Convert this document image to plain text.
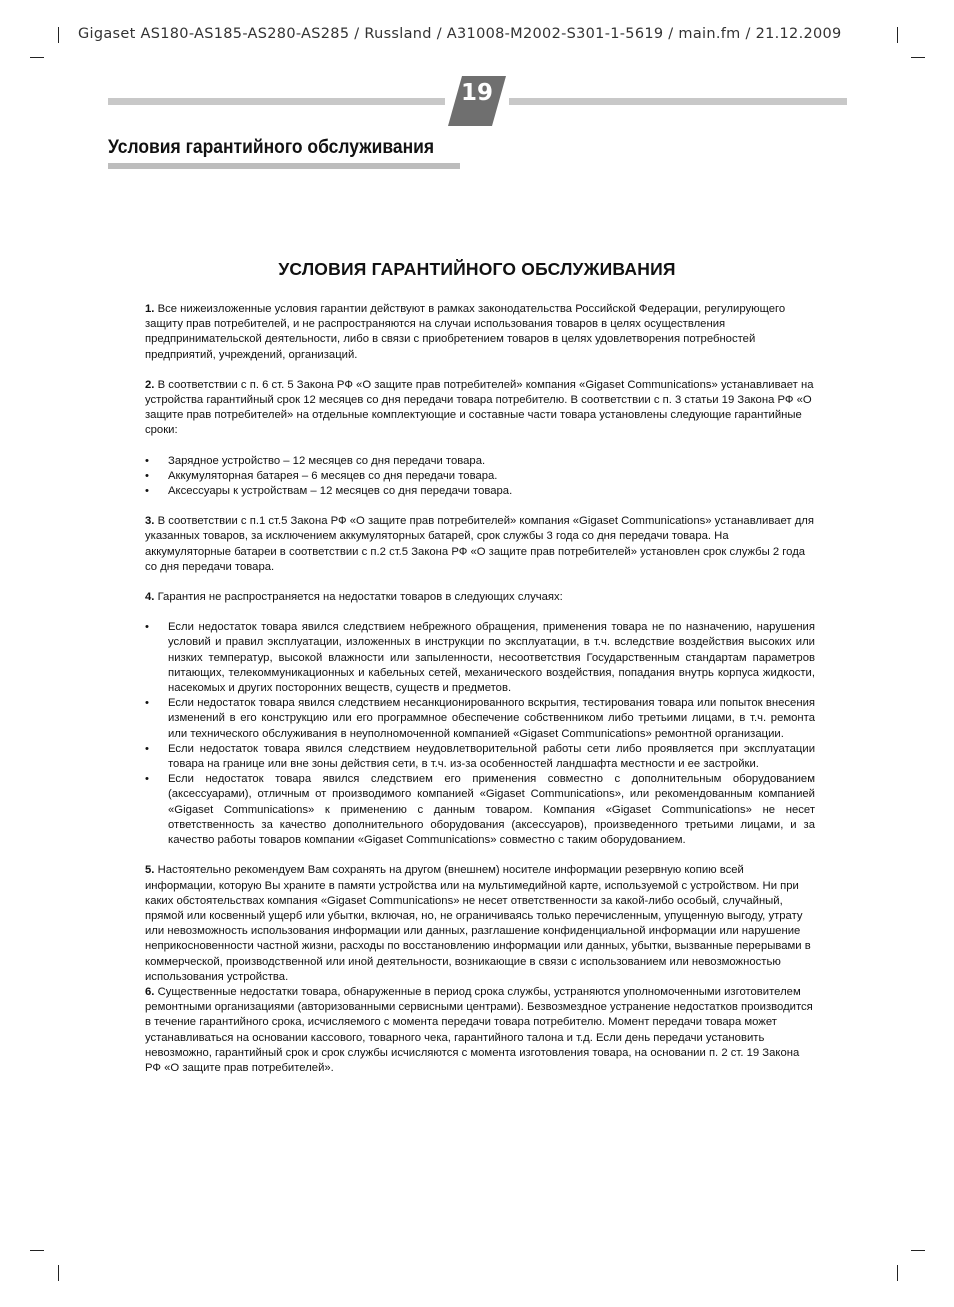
Gigaset AS180-AS185-AS280-AS285 / Russland / A31008-M2002-S301-1-5619 / main.fm / 21.12.2009
19
Условия гарантийного обслуживания
УСЛОВИЯ ГАРАНТИЙНОГО ОБСЛУЖИВАНИЯ

1. Все нижеизложенные условия гарантии действуют в рамках законодательства Российской Федерации, регулирующего защиту прав потребителей, и не распространяются на случаи использования товаров в целях осуществления предпринимательской деятельности, либо в связи с приобретением товаров в целях удовлетворения потребностей предприятий, учреждений, организаций.

2. В соответствии с п. 6 ст. 5 Закона РФ «О защите прав потребителей» компания «Gigaset Communications» устанавливает на устройства гарантийный срок 12 месяцев со дня передачи товара потребителю. В соответствии с п. 3 статьи 19 Закона РФ «О защите прав потребителей» на отдельные комплектующие и составные части товара установлены следующие гарантийные сроки:

• Зарядное устройство – 12 месяцев со дня передачи товара.
• Аккумуляторная батарея – 6 месяцев со дня передачи товара.
• Аксессуары к устройствам – 12 месяцев со дня передачи товара.

3. В соответствии с п.1 ст.5 Закона РФ «О защите прав потребителей» компания «Gigaset Communications» устанавливает для указанных товаров, за исключением аккумуляторных батарей, срок службы 3 года со дня передачи товара. На аккумуляторные батареи в соответствии с п.2 ст.5 Закона РФ «О защите прав потребителей» установлен срок службы 2 года со дня передачи товара.

4. Гарантия не распространяется на недостатки товаров в следующих случаях:

• Если недостаток товара явился следствием небрежного обращения, применения товара не по назначению, нарушения условий и правил эксплуатации, изложенных в инструкции по эксплуатации, в т.ч. вследствие воздействия высоких или низких температур, высокой влажности или запыленности, несоответствия Государственным стандартам параметров питающих, телекоммуникационных и кабельных сетей, механического воздействия, попадания внутрь корпуса жидкости, насекомых и других посторонних веществ, существ и предметов.
• Если недостаток товара явился следствием несанкционированного вскрытия, тестирования товара или попыток внесения изменений в его конструкцию или его программное обеспечение собственником либо третьими лицами, в т.ч. ремонта или технического обслуживания в неуполномоченной компанией «Gigaset Communications» ремонтной организации.
• Если недостаток товара явился следствием неудовлетворительной работы сети либо проявляется при эксплуатации товара на границе или вне зоны действия сети, в т.ч. из-за особенностей ландшафта местности и ее застройки.
• Если недостаток товара явился следствием его применения совместно с дополнительным оборудованием (аксессуарами), отличным от производимого компанией «Gigaset Communications», или рекомендованным компанией «Gigaset Communications» к применению с данным товаром. Компания «Gigaset Communications» не несет ответственность за качество дополнительного оборудования (аксессуаров), произведенного третьими лицами, и за качество работы товаров компании «Gigaset Communications» совместно с таким оборудованием.

5. Настоятельно рекомендуем Вам сохранять на другом (внешнем) носителе информации резервную копию всей информации, которую Вы храните в памяти устройства или на мультимедийной карте, используемой с устройством. Ни при каких обстоятельствах компания «Gigaset Communications» не несет ответственности за какой-либо особый, случайный, прямой или косвенный ущерб или убытки, включая, но, не ограничиваясь только перечисленным, упущенную выгоду, утрату или невозможность использования информации или данных, разглашение конфиденциальной информации или нарушение неприкосновенности частной жизни, расходы по восстановлению информации или данных, убытки, вызванные перерывами в коммерческой, производственной или иной деятельности, возникающие в связи с использованием или невозможностью использования устройства.

6. Существенные недостатки товара, обнаруженные в период срока службы, устраняются уполномоченными изготовителем ремонтными организациями (авторизованными сервисными центрами). Безвозмездное устранение недостатков производится в течение гарантийного срока, исчисляемого с момента передачи товара потребителю. Момент передачи товара может устанавливаться на основании кассового, товарного чека, гарантийного талона и т.д. Если день передачи установить невозможно, гарантийный срок и срок службы исчисляются с момента изготовления товара, на основании п. 2 ст. 19 Закона РФ «О защите прав потребителей».
